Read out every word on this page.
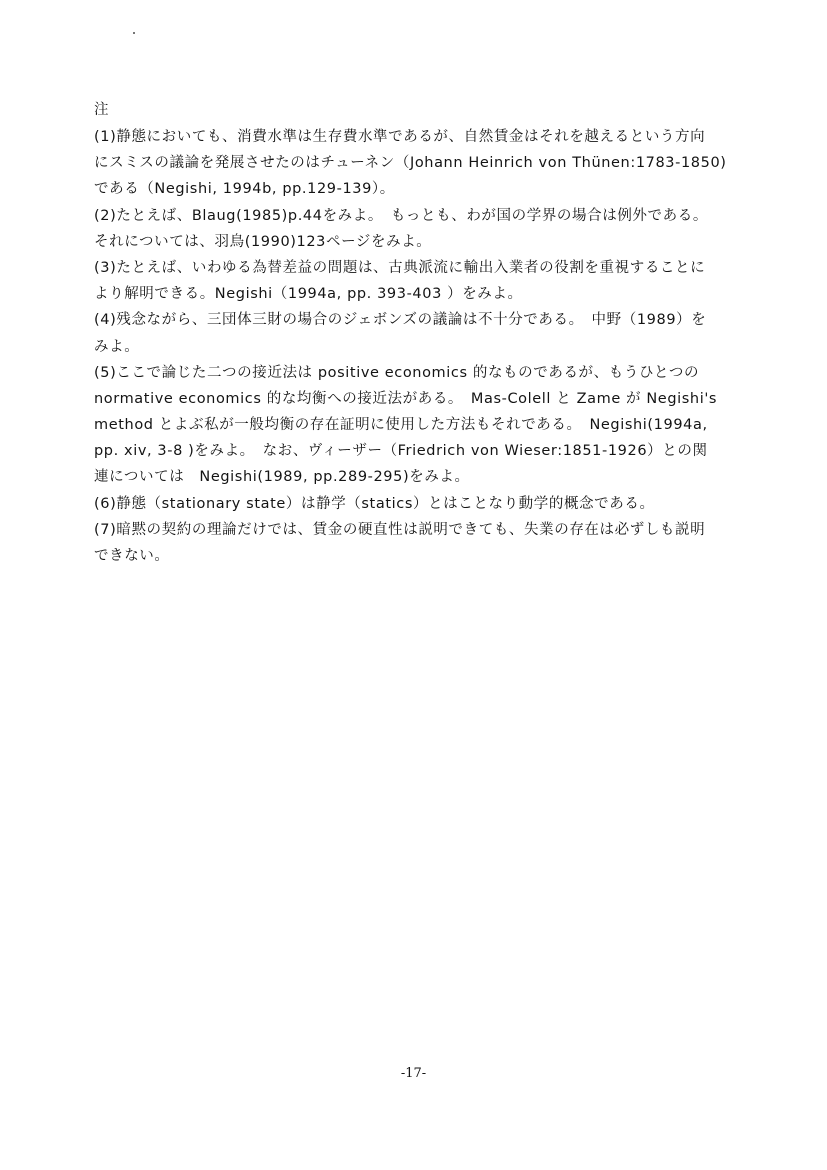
注
(1)静態においても、消費水準は生存費水準であるが、自然賃金はそれを越えるという方向
にスミスの議論を発展させたのはチューネン（Johann Heinrich von Thünen:1783-1850)
である（Negishi, 1994b, pp.129-139）。
(2)たとえば、Blaug(1985)p.44をみよ。　もっとも、わが国の学界の場合は例外である。
それについては、羽鳥(1990)123ページをみよ。
(3)たとえば、いわゆる為替差益の問題は、古典派流に輸出入業者の役割を重視することに
より解明できる。Negishi（1994a, pp. 393-403 ）をみよ。
(4)残念ながら、三団体三財の場合のジェボンズの議論は不十分である。　中野（1989）を
みよ。
(5)ここで論じた二つの接近法は positive economics 的なものであるが、もうひとつの
normative economics 的な均衡への接近法がある。　Mas-Colell と Zame が Negishi's
method とよぶ私が一般均衡の存在証明に使用した方法もそれである。　Negishi(1994a,
pp. xiv, 3-8 )をみよ。　なお、ヴィーザー（Friedrich von Wieser:1851-1926）との関
連については　Negishi(1989, pp.289-295)をみよ。
(6)静態（stationary state）は静学（statics）とはことなり動学的概念である。
(7)暗黙の契約の理論だけでは、賃金の硬直性は説明できても、失業の存在は必ずしも説明
できない。
-17-
